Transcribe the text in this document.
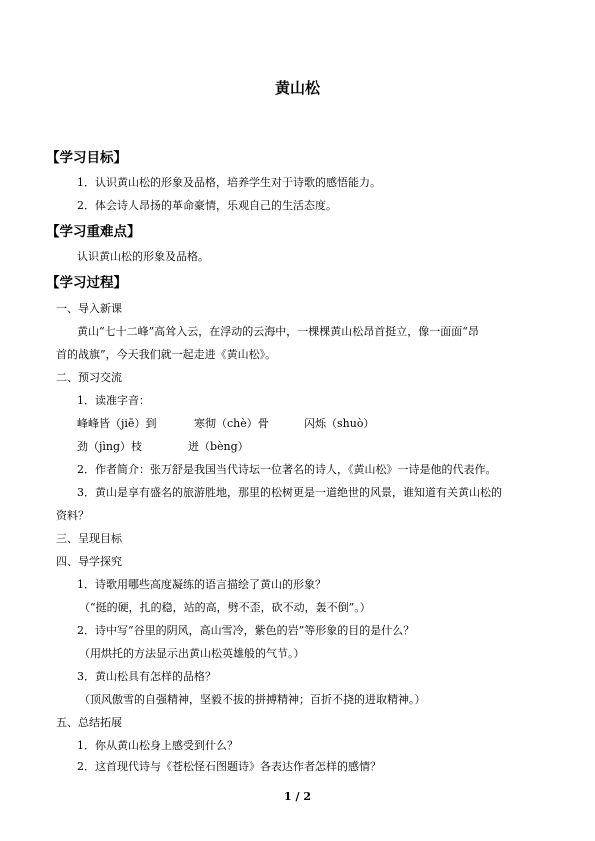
黄山松
【学习目标】
1．认识黄山松的形象及品格，培养学生对于诗歌的感悟能力。
2．体会诗人昂扬的革命豪情，乐观自己的生活态度。
【学习重难点】
认识黄山松的形象及品格。
【学习过程】
一、导入新课
黄山“七十二峰”高耸入云，在浮动的云海中，一棵棵黄山松昂首挺立，像一面面“昂
首的战旗”，今天我们就一起走进《黄山松》。
二、预习交流
1．读准字音：
峰峰皆（jiē）到	寒彻（chè）骨	闪烁（shuò）
劲（jìng）枝	迸（bèng）
2．作者简介：张万舒是我国当代诗坛一位著名的诗人，《黄山松》一诗是他的代表作。
3．黄山是享有盛名的旅游胜地，那里的松树更是一道绝世的风景，谁知道有关黄山松的
资料？
三、呈现目标
四、导学探究
1．诗歌用哪些高度凝练的语言描绘了黄山的形象？
（“挺的硬，扎的稳，站的高，劈不歪，砍不动，轰不倒”。）
2．诗中写“谷里的阴风，高山雪冷，紫色的岩”等形象的目的是什么？
（用烘托的方法显示出黄山松英雄般的气节。）
3．黄山松具有怎样的品格？
（顶风傲雪的自强精神，坚毅不拔的拼搏精神；百折不挠的进取精神。）
五、总结拓展
1．你从黄山松身上感受到什么？
2．这首现代诗与《苍松怪石图题诗》各表达作者怎样的感情？
1 / 2
